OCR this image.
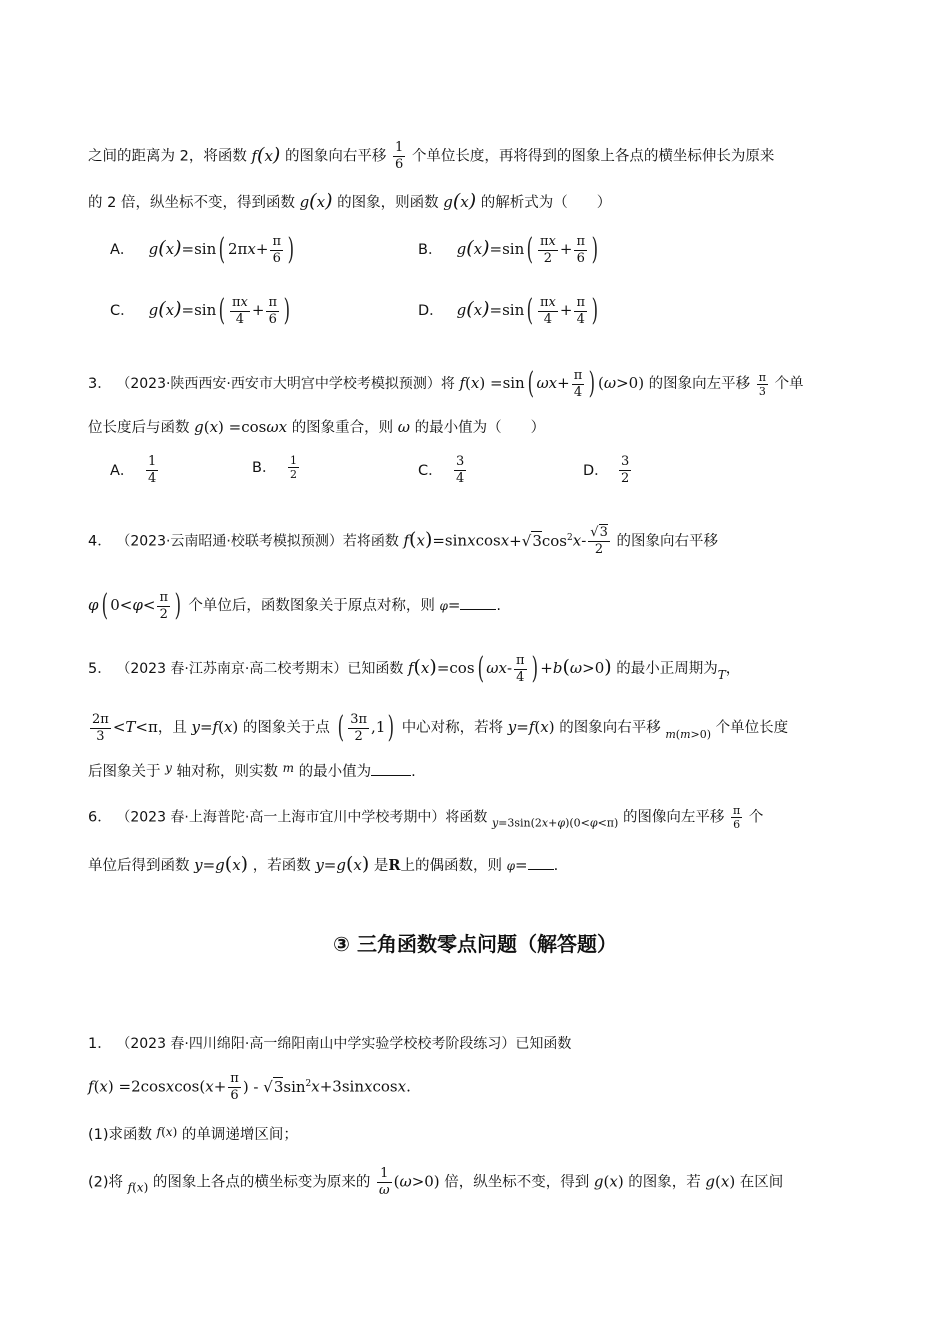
之间的距离为 2，将函数 f(x) 的图象向右平移 $\frac{1}{6}$ 个单位长度，再将得到的图象上各点的横坐标伸长为原来
的 2 倍，纵坐标不变，得到函数 g(x) 的图象，则函数 g(x) 的解析式为（　　）
A． g(x)=sin( $2\pi x+ \frac{\pi}{6}$ )	B． $g(x)=\sin( \frac{\pi x}{2} + \frac{\pi}{6}$ )
C． $g(x)=\sin( \frac{\pi x}{4} + \frac{\pi}{6}$ )	D． $g(x)=\sin( \frac{\pi x}{4} + \frac{\pi}{4}$ )
3． （2023·陕西西安·西安市大明宫中学校考模拟预测）将 f(x) =sin( $\omega x+ \frac{\pi}{4}$ ) (ω>0) 的图象向左平移 $\frac{\pi}{3}$ 个单
位长度后与函数 g(x) =cosωx 的图象重合，则 ω 的最小值为（　　）
A． $\frac{1}{4}$	B． $\frac{1}{2}$	C． $\frac{3}{4}$	D． $\frac{3}{2}$
4． （2023·云南昭通·校联考模拟预测）若将函数 $f(x)=sinxcosx+√3\cos^2x- \frac{√3}{2}$ 的图象向右平移
φ( $0<\varphi< \frac{\pi}{2}$ ) 个单位后，函数图象关于原点对称，则 φ= .
5． （2023 春·江苏南京·高二校考期末）已知函数 f(x)=cos( $\omega x- \frac{\pi}{4}$ ) +b(ω>0) 的最小正周期为$_T$，
$\frac{2\pi}{3} <T<\pi$，且 y=f(x) 的图象关于点 ( $\frac{3\pi}{2} ,1$) 中心对称，若将 y=f(x) 的图象向右平移 $_{m(m>0)}$ 个单位长度
后图象关于 $^y$ 轴对称，则实数 $^m$ 的最小值为	.
6． （2023 春·上海普陀·高一上海市宜川中学校考期中）将函数 $_{y=3sin(2x+\varphi)(0<\varphi<\pi)}$ 的图像向左平移 $\frac{\pi}{6}$ 个
单位后得到函数 y=g(x) ，若函数 y=g(x) 是R上的偶函数，则 φ= .
③ 三角函数零点问题（解答题）
1． （2023 春·四川绵阳·高一绵阳南山中学实验学校校考阶段练习）已知函数
f(x) =2cosxcos(x+ $\frac{\pi}{6}$ ) - $√3\sin^2x+3sinxcosx$.
(1)求函数 $^{f(x)}$ 的单调递增区间；
(2)将 $_{f(x)}$ 的图象上各点的横坐标变为原来的 $\frac{1}{\omega} (\omega>0)$ 倍，纵坐标不变，得到 g(x) 的图象，若 g(x) 在区间
